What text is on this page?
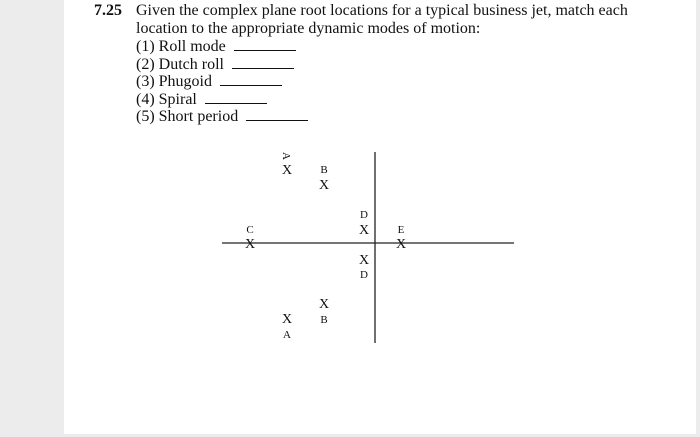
7.25 Given the complex plane root locations for a typical business jet, match each location to the appropriate dynamic modes of motion:
(1) Roll mode
(2) Dutch roll
(3) Phugoid
(4) Spiral
(5) Short period
A
X	B
X
D
X
C
X
E
X
X
D
X
B
X
A
